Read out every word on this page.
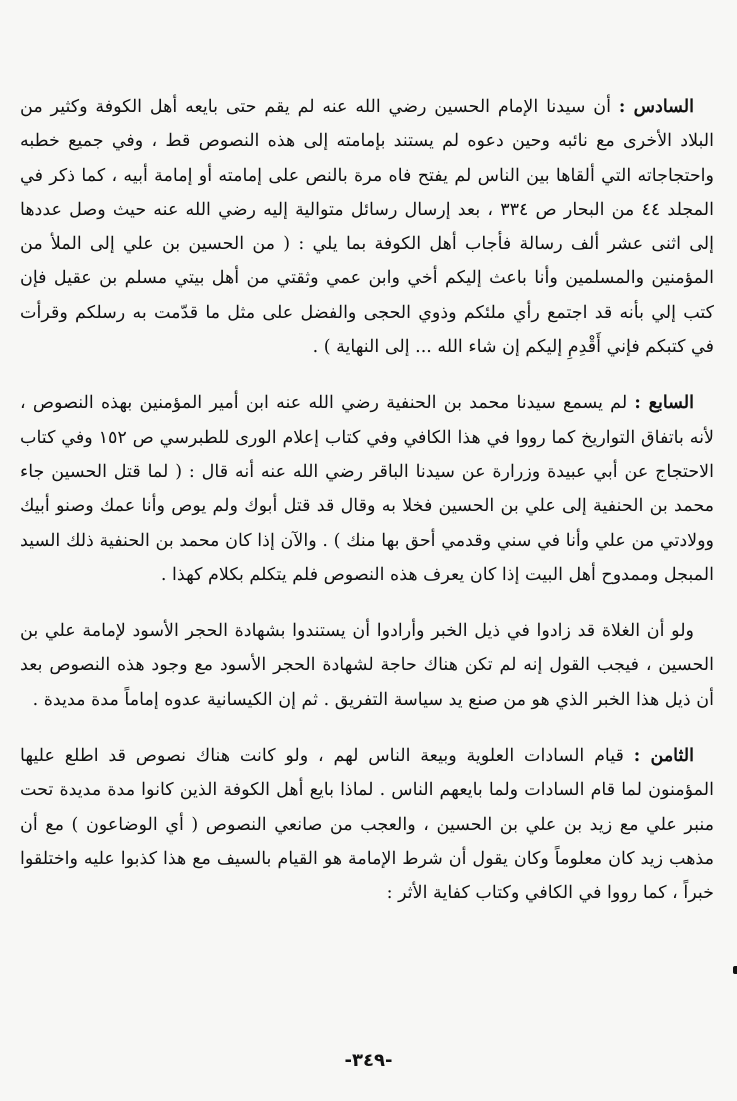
السادس : أن سيدنا الإمام الحسين رضي الله عنه لم يقم حتى بايعه أهل الكوفة وكثير من البلاد الأخرى مع نائبه وحين دعوه لم يستند بإمامته إلى هذه النصوص قط ، وفي جميع خطبه واحتجاجاته التي ألقاها بين الناس لم يفتح فاه مرة بالنص على إمامته أو إمامة أبيه ، كما ذكر في المجلد ٤٤ من البحار ص ٣٣٤ ، بعد إرسال رسائل متوالية إليه رضي الله عنه حيث وصل عددها إلى اثنى عشر ألف رسالة فأجاب أهل الكوفة بما يلي : ( من الحسين بن علي إلى الملأ من المؤمنين والمسلمين وأنا باعث إليكم أخي وابن عمي وثقتي من أهل بيتي مسلم بن عقيل فإن كتب إلي بأنه قد اجتمع رأي ملئكم وذوي الحجى والفضل على مثل ما قدّمت به رسلكم وقرأت في كتبكم فإني أَقْدِمِ إليكم إن شاء الله ... إلى النهاية ) .

السابع : لم يسمع سيدنا محمد بن الحنفية رضي الله عنه ابن أمير المؤمنين بهذه النصوص ، لأنه باتفاق التواريخ كما رووا في هذا الكافي وفي كتاب إعلام الورى للطبرسي ص ١٥٢ وفي كتاب الاحتجاج عن أبي عبيدة وزرارة عن سيدنا الباقر رضي الله عنه أنه قال : ( لما قتل الحسين جاء محمد بن الحنفية إلى علي بن الحسين فخلا به وقال قد قتل أبوك ولم يوص وأنا عمك وصنو أبيك وولادتي من علي وأنا في سني وقدمي أحق بها منك ) . والآن إذا كان محمد بن الحنفية ذلك السيد المبجل وممدوح أهل البيت إذا كان يعرف هذه النصوص فلم يتكلم بكلام كهذا .

ولو أن الغلاة قد زادوا في ذيل الخبر وأرادوا أن يستندوا بشهادة الحجر الأسود لإمامة علي بن الحسين ، فيجب القول إنه لم تكن هناك حاجة لشهادة الحجر الأسود مع وجود هذه النصوص بعد أن ذيل هذا الخبر الذي هو من صنع يد سياسة التفريق . ثم إن الكيسانية عدوه إماماً مدة مديدة .

الثامن : قيام السادات العلوية وبيعة الناس لهم ، ولو كانت هناك نصوص قد اطلع عليها المؤمنون لما قام السادات ولما بايعهم الناس . لماذا بايع أهل الكوفة الذين كانوا مدة مديدة تحت منبر علي مع زيد بن علي بن الحسين ، والعجب من صانعي النصوص ( أي الوضاعون ) مع أن مذهب زيد كان معلوماً وكان يقول أن شرط الإمامة هو القيام بالسيف مع هذا كذبوا عليه واختلقوا خبراً ، كما رووا في الكافي وكتاب كفاية الأثر :

-٣٤٩-
